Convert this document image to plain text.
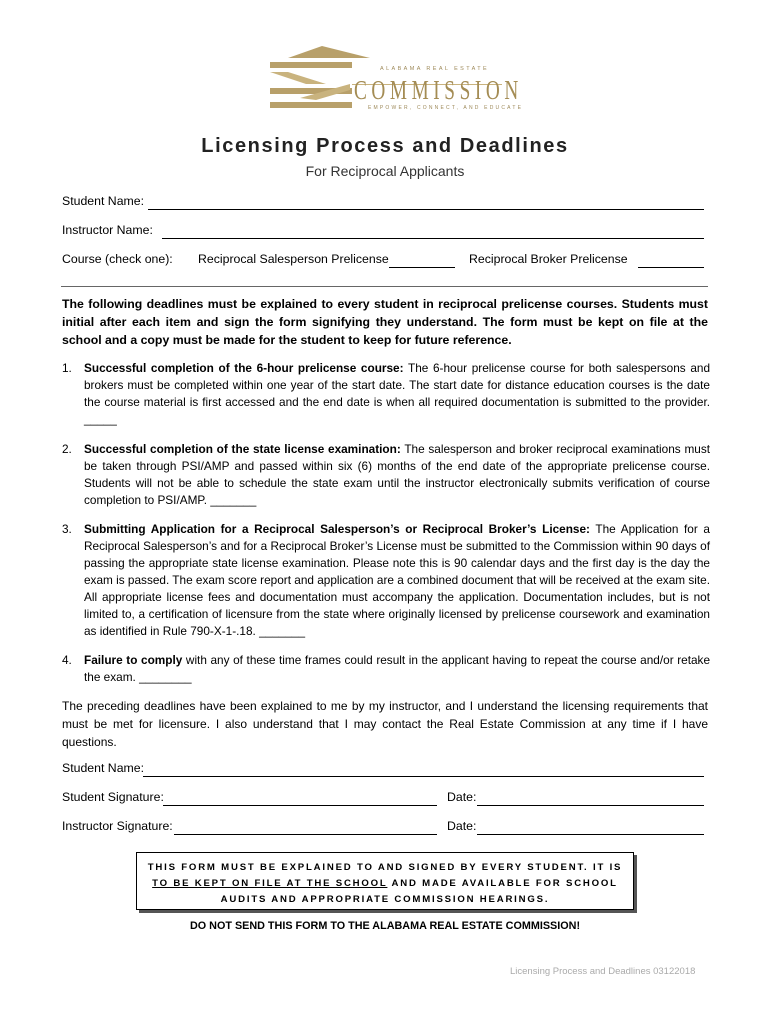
ALABAMA REAL ESTATE
COMMISSION
EMPOWER, CONNECT, AND EDUCATE
Licensing Process and Deadlines
For Reciprocal Applicants
Student Name:
Instructor Name:
Course (check one): Reciprocal Salesperson Prelicense	Reciprocal Broker Prelicense
The following deadlines must be explained to every student in reciprocal prelicense courses. Students must initial after each item and sign the form signifying they understand. The form must be kept on file at the school and a copy must be made for the student to keep for future reference.
1. Successful completion of the 6-hour prelicense course: The 6-hour prelicense course for both salespersons and brokers must be completed within one year of the start date. The start date for distance education courses is the date the course material is first accessed and the end date is when all required documentation is submitted to the provider. _____
2. Successful completion of the state license examination: The salesperson and broker reciprocal examinations must be taken through PSI/AMP and passed within six (6) months of the end date of the appropriate prelicense course. Students will not be able to schedule the state exam until the instructor electronically submits verification of course completion to PSI/AMP. _______
3. Submitting Application for a Reciprocal Salesperson’s or Reciprocal Broker’s License: The Application for a Reciprocal Salesperson’s and for a Reciprocal Broker’s License must be submitted to the Commission within 90 days of passing the appropriate state license examination. Please note this is 90 calendar days and the first day is the day the exam is passed. The exam score report and application are a combined document that will be received at the exam site. All appropriate license fees and documentation must accompany the application. Documentation includes, but is not limited to, a certification of licensure from the state where originally licensed by prelicense coursework and examination as identified in Rule 790-X-1-.18. _______
4. Failure to comply with any of these time frames could result in the applicant having to repeat the course and/or retake the exam. ________
The preceding deadlines have been explained to me by my instructor, and I understand the licensing requirements that must be met for licensure. I also understand that I may contact the Real Estate Commission at any time if I have questions.
Student Name:
Student Signature:	Date:
Instructor Signature:	Date:
THIS FORM MUST BE EXPLAINED TO AND SIGNED BY EVERY STUDENT. IT IS TO BE KEPT ON FILE AT THE SCHOOL AND MADE AVAILABLE FOR SCHOOL AUDITS AND APPROPRIATE COMMISSION HEARINGS.
DO NOT SEND THIS FORM TO THE ALABAMA REAL ESTATE COMMISSION!
Licensing Process and Deadlines 03122018
